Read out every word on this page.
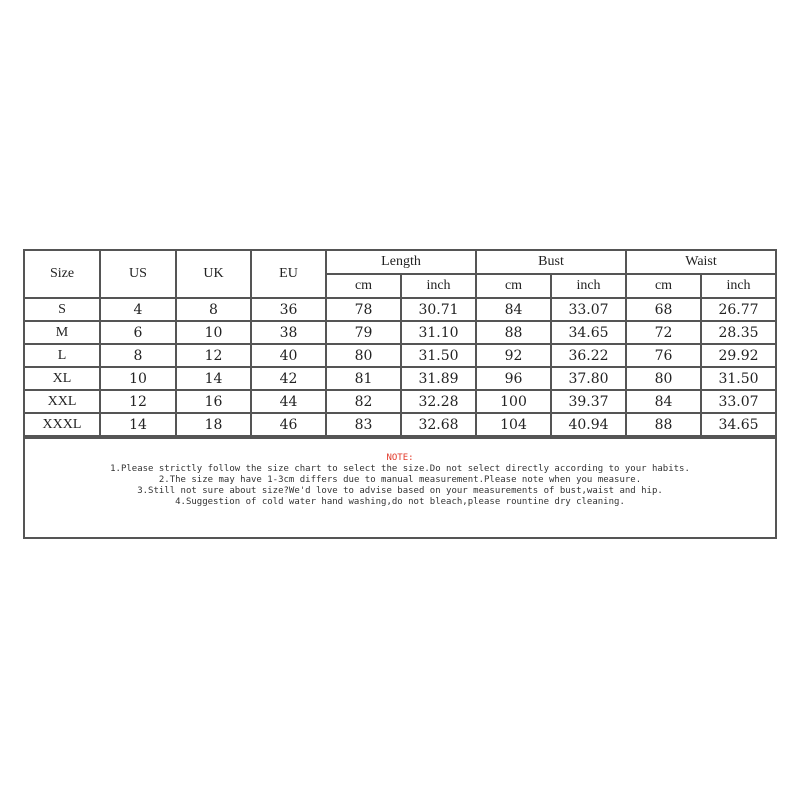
Size	US	UK	EU	Length		Bust		Waist	
				cm	inch	cm	inch	cm	inch
S	4	8	36	78	30.71	84	33.07	68	26.77
M	6	10	38	79	31.10	88	34.65	72	28.35
L	8	12	40	80	31.50	92	36.22	76	29.92
XL	10	14	42	81	31.89	96	37.80	80	31.50
XXL	12	16	44	82	32.28	100	39.37	84	33.07
XXXL	14	18	46	83	32.68	104	40.94	88	34.65

NOTE:

1.Please strictly follow the size chart to select the size.Do not select directly according to your habits.

2.The size may have 1-3cm differs due to manual measurement.Please note when you measure.

3.Still not sure about size?We'd love to advise based on your measurements of bust,waist and hip.

4.Suggestion of cold water hand washing,do not bleach,please rountine dry cleaning.
